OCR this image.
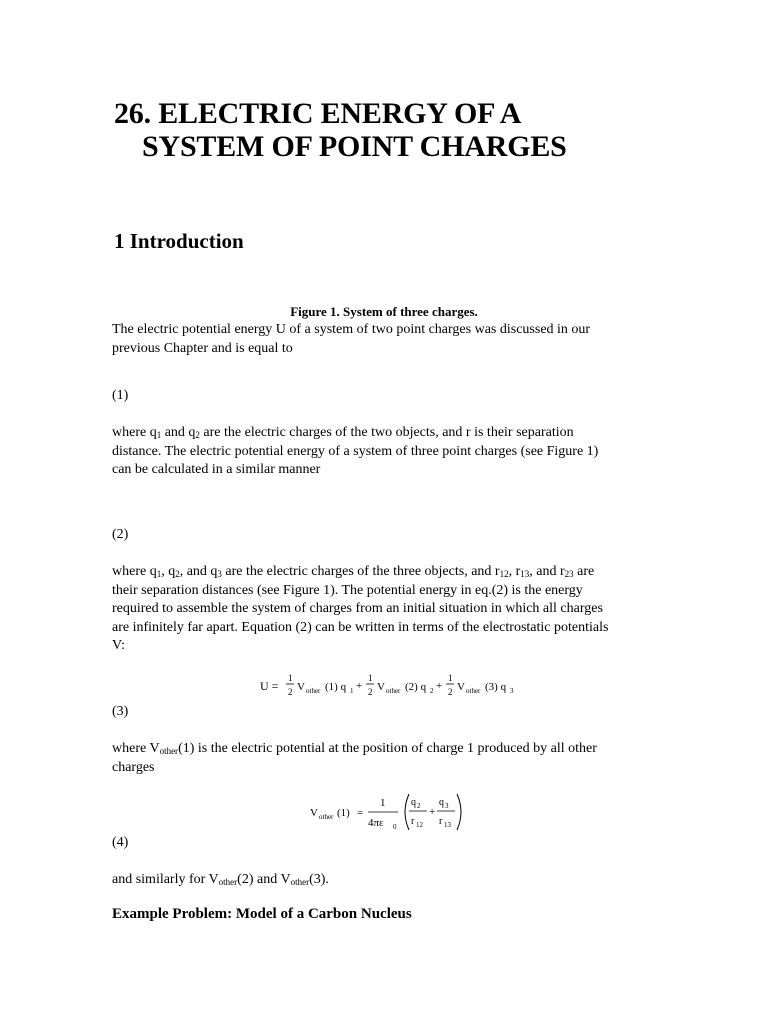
26. ELECTRIC ENERGY OF A
SYSTEM OF POINT CHARGES
1 Introduction
Figure 1. System of three charges.

The electric potential energy U of a system of two point charges was discussed in our
previous Chapter and is equal to

(1)

where $q_1$ and $q_2$ are the electric charges of the two objects, and r is their separation
distance. The electric potential energy of a system of three point charges (see Figure 1)
can be calculated in a similar manner

(2)

where $q_1$, $q_2$, and $q_3$ are the electric charges of the three objects, and $r_{12}$, $r_{13}$, and $r_{23}$ are
their separation distances (see Figure 1). The potential energy in eq.(2) is the energy
required to assemble the system of charges from an initial situation in which all charges
are infinitely far apart. Equation (2) can be written in terms of the electrostatic potentials
V:

U =
1
2 V other (1) q 1 +
1
2 V other (2) q 2 +
1
2 V other (3) q 3
(3)

where $V_{other}(1)$ is the electric potential at the position of charge 1 produced by all other
charges

V other (1) =
1
4πε 0
q 2
r 12
+
q 3
r 13
(4)

and similarly for $V_{other}(2)$ and $V_{other}(3)$.

Example Problem: Model of a Carbon Nucleus
